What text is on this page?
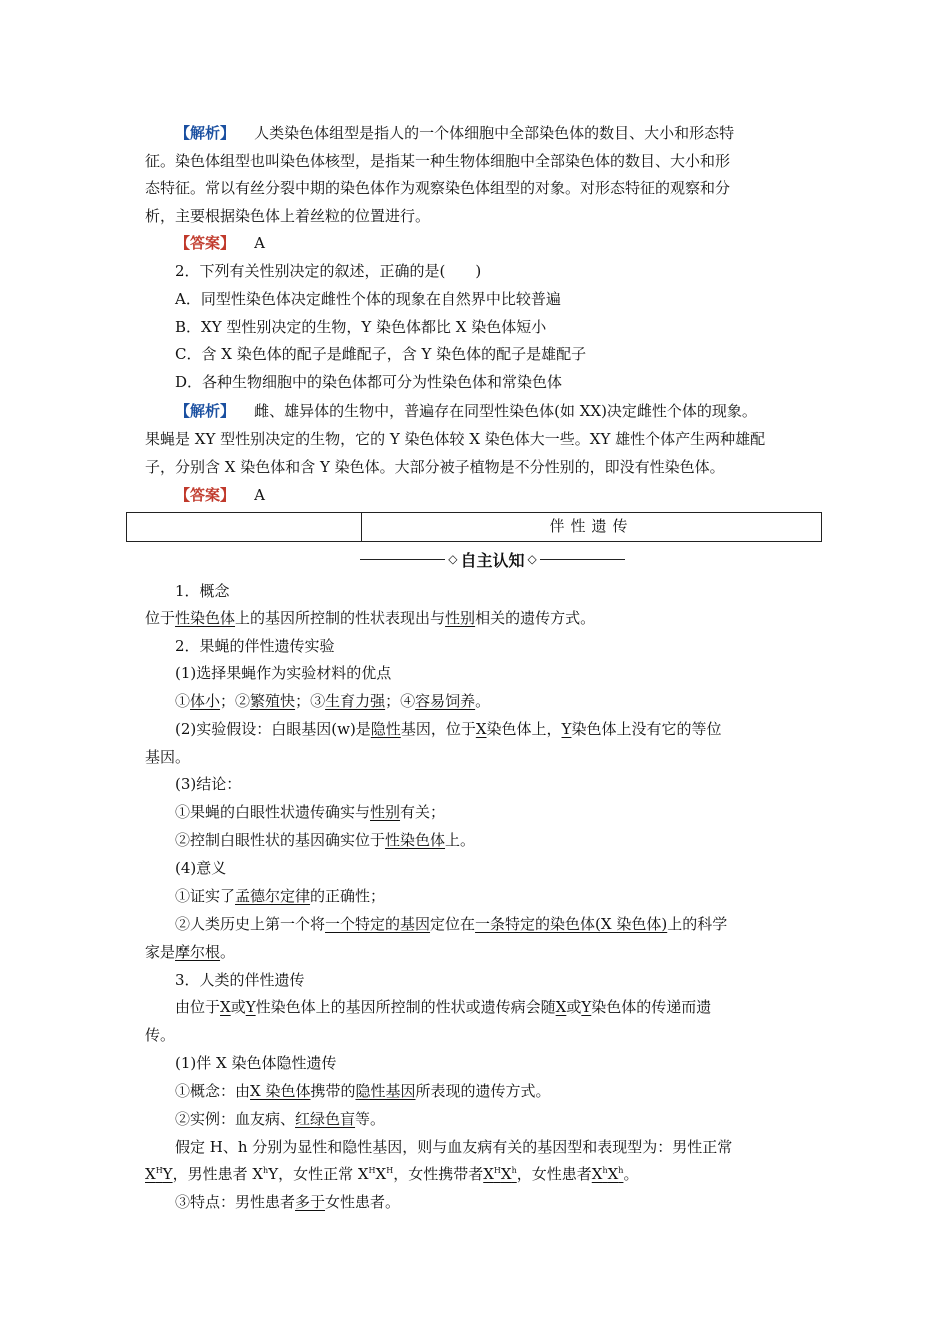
【解析】 人类染色体组型是指人的一个体细胞中全部染色体的数目、大小和形态特
征。染色体组型也叫染色体核型，是指某一种生物体细胞中全部染色体的数目、大小和形
态特征。常以有丝分裂中期的染色体作为观察染色体组型的对象。对形态特征的观察和分
析，主要根据染色体上着丝粒的位置进行。
【答案】 A
2．下列有关性别决定的叙述，正确的是(　　)
A．同型性染色体决定雌性个体的现象在自然界中比较普遍
B．XY 型性别决定的生物，Y 染色体都比 X 染色体短小
C．含 X 染色体的配子是雌配子，含 Y 染色体的配子是雄配子
D．各种生物细胞中的染色体都可分为性染色体和常染色体
【解析】 雌、雄异体的生物中，普遍存在同型性染色体(如 XX)决定雌性个体的现象。
果蝇是 XY 型性别决定的生物，它的 Y 染色体较 X 染色体大一些。XY 雄性个体产生两种雄配
子，分别含 X 染色体和含 Y 染色体。大部分被子植物是不分性别的，即没有性染色体。
【答案】 A
伴性遗传
◇ 自主认知 ◇
1．概念
位于性染色体上的基因所控制的性状表现出与性别相关的遗传方式。
2．果蝇的伴性遗传实验
(1)选择果蝇作为实验材料的优点
①体小；②繁殖快；③生育力强；④容易饲养。
(2)实验假设：白眼基因(w)是隐性基因，位于X染色体上，Y染色体上没有它的等位
基因。
(3)结论：
①果蝇的白眼性状遗传确实与性别有关；
②控制白眼性状的基因确实位于性染色体上。
(4)意义
①证实了孟德尔定律的正确性；
②人类历史上第一个将一个特定的基因定位在一条特定的染色体(X 染色体)上的科学
家是摩尔根。
3．人类的伴性遗传
由位于X或Y性染色体上的基因所控制的性状或遗传病会随X或Y染色体的传递而遗
传。
(1)伴 X 染色体隐性遗传
①概念：由X 染色体携带的隐性基因所表现的遗传方式。
②实例：血友病、红绿色盲等。
假定 H、h 分别为显性和隐性基因，则与血友病有关的基因型和表现型为：男性正常
$X^HY$，男性患者 $X^hY$，女性正常 $X^HX^H$，女性携带者$X^HX^h$，女性患者$X^hX^h$。
③特点：男性患者多于女性患者。
